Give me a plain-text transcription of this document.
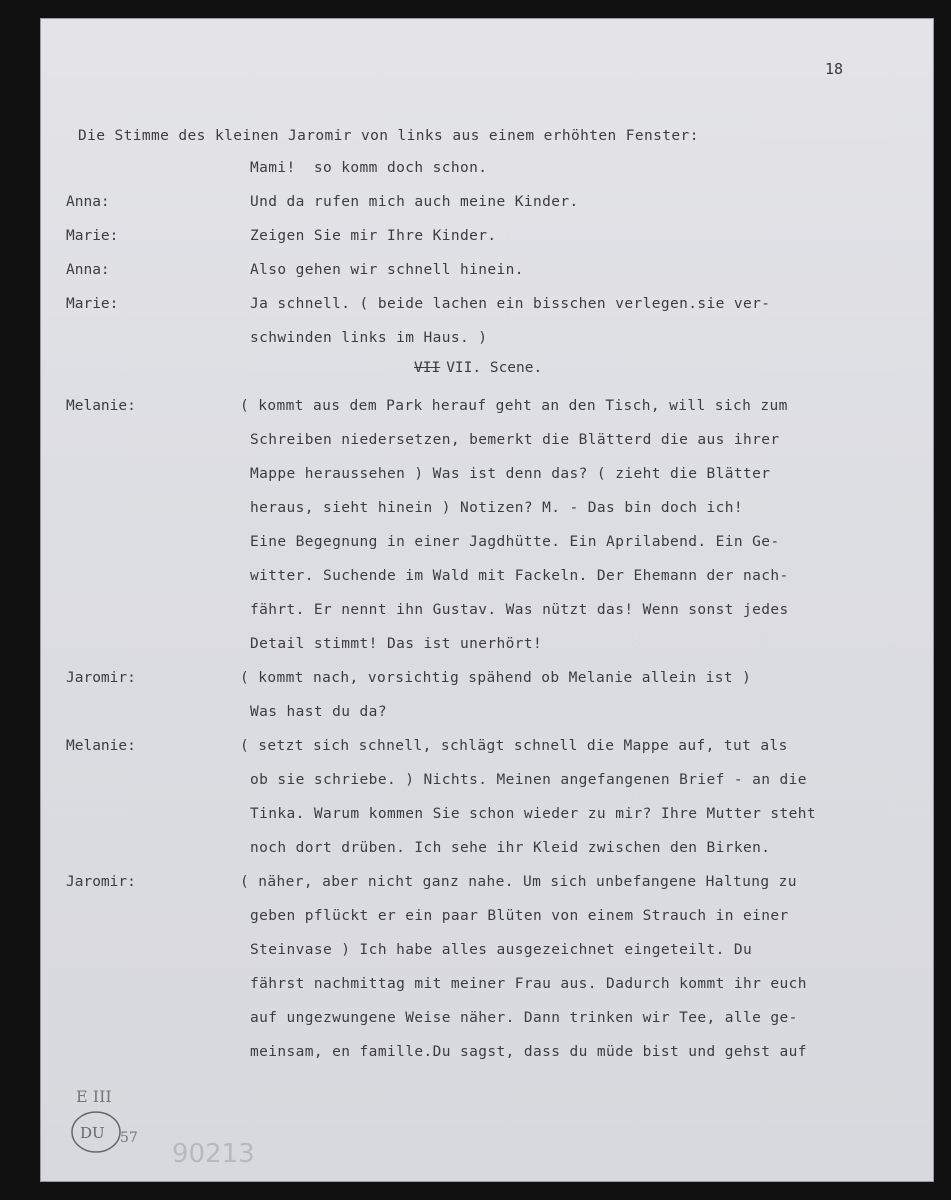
18
Die Stimme des kleinen Jaromir von links aus einem erhöhten Fenster:
Mami!  so komm doch schon.
Anna:	Und da rufen mich auch meine Kinder.
Marie:	Zeigen Sie mir Ihre Kinder.
Anna:	Also gehen wir schnell hinein.
Marie:	Ja schnell. ( beide lachen ein bisschen verlegen.sie ver-
schwinden links im Haus. )
Melanie:	( kommt aus dem Park herauf geht an den Tisch, will sich zum
Schreiben niedersetzen, bemerkt die Blätterd die aus ihrer
Mappe heraussehen ) Was ist denn das? ( zieht die Blätter
heraus, sieht hinein ) Notizen? M. - Das bin doch ich!
Eine Begegnung in einer Jagdhütte. Ein Aprilabend. Ein Ge-
witter. Suchende im Wald mit Fackeln. Der Ehemann der nach-
fährt. Er nennt ihn Gustav. Was nützt das! Wenn sonst jedes
Detail stimmt! Das ist unerhört!
Jaromir:	( kommt nach, vorsichtig spähend ob Melanie allein ist )
Was hast du da?
Melanie:	( setzt sich schnell, schlägt schnell die Mappe auf, tut als
ob sie schriebe. ) Nichts. Meinen angefangenen Brief - an die
Tinka. Warum kommen Sie schon wieder zu mir? Ihre Mutter steht
noch dort drüben. Ich sehe ihr Kleid zwischen den Birken.
Jaromir:	( näher, aber nicht ganz nahe. Um sich unbefangene Haltung zu
geben pflückt er ein paar Blüten von einem Strauch in einer
Steinvase ) Ich habe alles ausgezeichnet eingeteilt. Du
fährst nachmittag mit meiner Frau aus. Dadurch kommt ihr euch
auf ungezwungene Weise näher. Dann trinken wir Tee, alle ge-
meinsam, en famille.Du sagst, dass du müde bist und gehst auf
VII VII. Scene.
E III
DU 57
90213
